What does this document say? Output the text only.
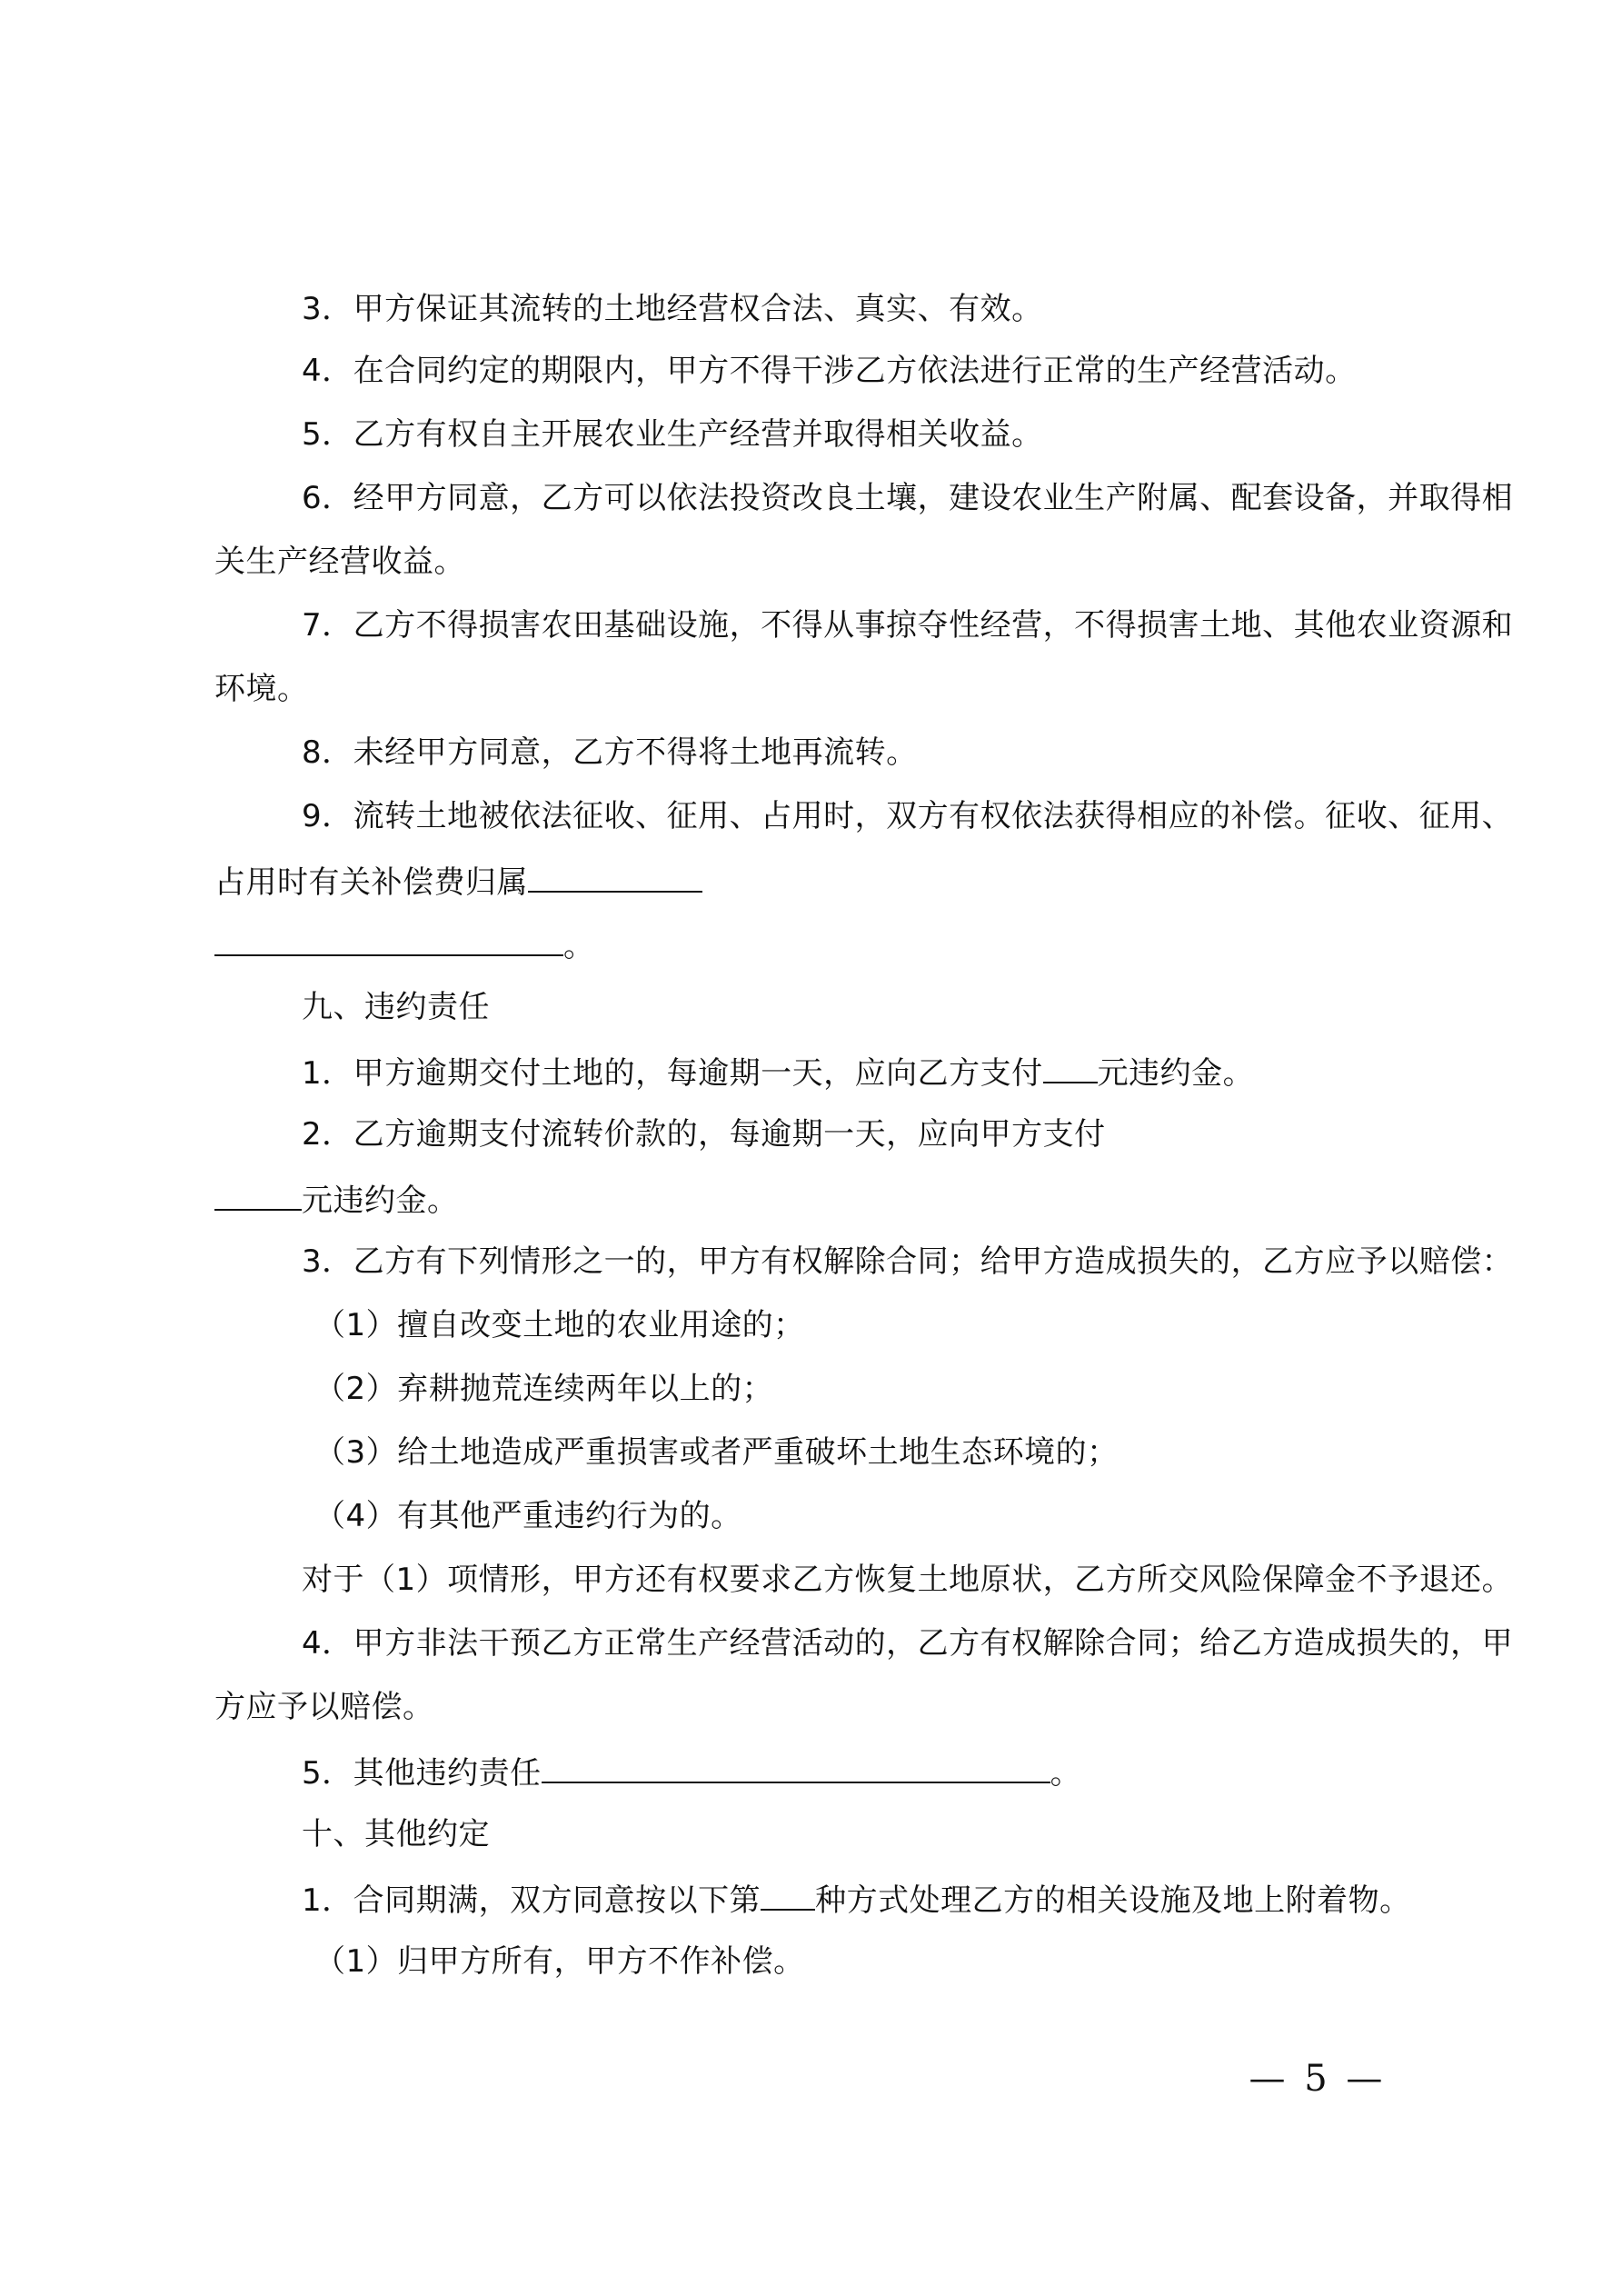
3．甲方保证其流转的土地经营权合法、真实、有效。
4．在合同约定的期限内，甲方不得干涉乙方依法进行正常的生产经营活动。
5．乙方有权自主开展农业生产经营并取得相关收益。
6．经甲方同意，乙方可以依法投资改良土壤，建设农业生产附属、配套设备，并取得相
关生产经营收益。
7．乙方不得损害农田基础设施，不得从事掠夺性经营，不得损害土地、其他农业资源和
环境。
8．未经甲方同意，乙方不得将土地再流转。
9．流转土地被依法征收、征用、占用时，双方有权依法获得相应的补偿。征收、征用、
占用时有关补偿费归属
。
九、违约责任
1．甲方逾期交付土地的，每逾期一天，应向乙方支付 元违约金。
2．乙方逾期支付流转价款的，每逾期一天，应向甲方支付
元违约金。
3．乙方有下列情形之一的，甲方有权解除合同；给甲方造成损失的，乙方应予以赔偿：
（1）擅自改变土地的农业用途的；
（2）弃耕抛荒连续两年以上的；
（3）给土地造成严重损害或者严重破坏土地生态环境的；
（4）有其他严重违约行为的。
对于（1）项情形，甲方还有权要求乙方恢复土地原状，乙方所交风险保障金不予退还。
4．甲方非法干预乙方正常生产经营活动的，乙方有权解除合同；给乙方造成损失的，甲
方应予以赔偿。
5．其他违约责任	。
十、其他约定
1．合同期满，双方同意按以下第 种方式处理乙方的相关设施及地上附着物。
（1）归甲方所有，甲方不作补偿。
— 5 —
